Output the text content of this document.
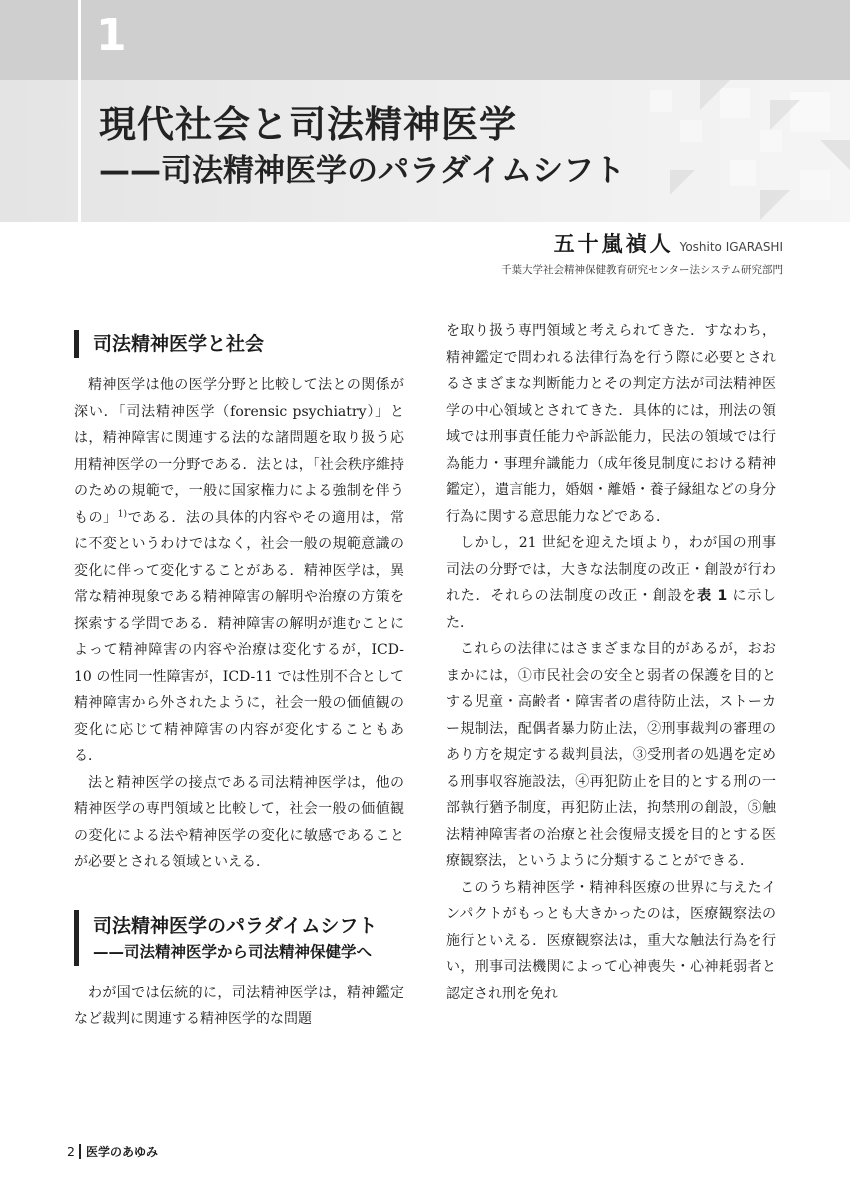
1
現代社会と司法精神医学
——司法精神医学のパラダイムシフト
五十嵐禎人 Yoshito IGARASHI
千葉大学社会精神保健教育研究センター法システム研究部門
司法精神医学と社会

精神医学は他の医学分野と比較して法との関係が深い．「司法精神医学（forensic psychiatry）」とは，精神障害に関連する法的な諸問題を取り扱う応用精神医学の一分野である．法とは，「社会秩序維持のための規範で，一般に国家権力による強制を伴うもの」$^{1)}$である．法の具体的内容やその適用は，常に不変というわけではなく，社会一般の規範意識の変化に伴って変化することがある．精神医学は，異常な精神現象である精神障害の解明や治療の方策を探索する学問である．精神障害の解明が進むことによって精神障害の内容や治療は変化するが，ICD-10 の性同一性障害が，ICD-11 では性別不合として精神障害から外されたように，社会一般の価値観の変化に応じて精神障害の内容が変化することもある．

法と精神医学の接点である司法精神医学は，他の精神医学の専門領域と比較して，社会一般の価値観の変化による法や精神医学の変化に敏感であることが必要とされる領域といえる．

司法精神医学のパラダイムシフト
——司法精神医学から司法精神保健学へ

わが国では伝統的に，司法精神医学は，精神鑑定など裁判に関連する精神医学的な問題

を取り扱う専門領域と考えられてきた．すなわち，精神鑑定で問われる法律行為を行う際に必要とされるさまざまな判断能力とその判定方法が司法精神医学の中心領域とされてきた．具体的には，刑法の領域では刑事責任能力や訴訟能力，民法の領域では行為能力・事理弁識能力（成年後見制度における精神鑑定），遺言能力，婚姻・離婚・養子縁組などの身分行為に関する意思能力などである．

しかし，21 世紀を迎えた頃より，わが国の刑事司法の分野では，大きな法制度の改正・創設が行われた．それらの法制度の改正・創設を表 1 に示した．

これらの法律にはさまざまな目的があるが，おおまかには，①市民社会の安全と弱者の保護を目的とする児童・高齢者・障害者の虐待防止法，ストーカー規制法，配偶者暴力防止法，②刑事裁判の審理のあり方を規定する裁判員法，③受刑者の処遇を定める刑事収容施設法，④再犯防止を目的とする刑の一部執行猶予制度，再犯防止法，拘禁刑の創設，⑤触法精神障害者の治療と社会復帰支援を目的とする医療観察法，というように分類することができる．

このうち精神医学・精神科医療の世界に与えたインパクトがもっとも大きかったのは，医療観察法の施行といえる．医療観察法は，重大な触法行為を行い，刑事司法機関によって心神喪失・心神耗弱者と認定され刑を免れ

2 医学のあゆみ
